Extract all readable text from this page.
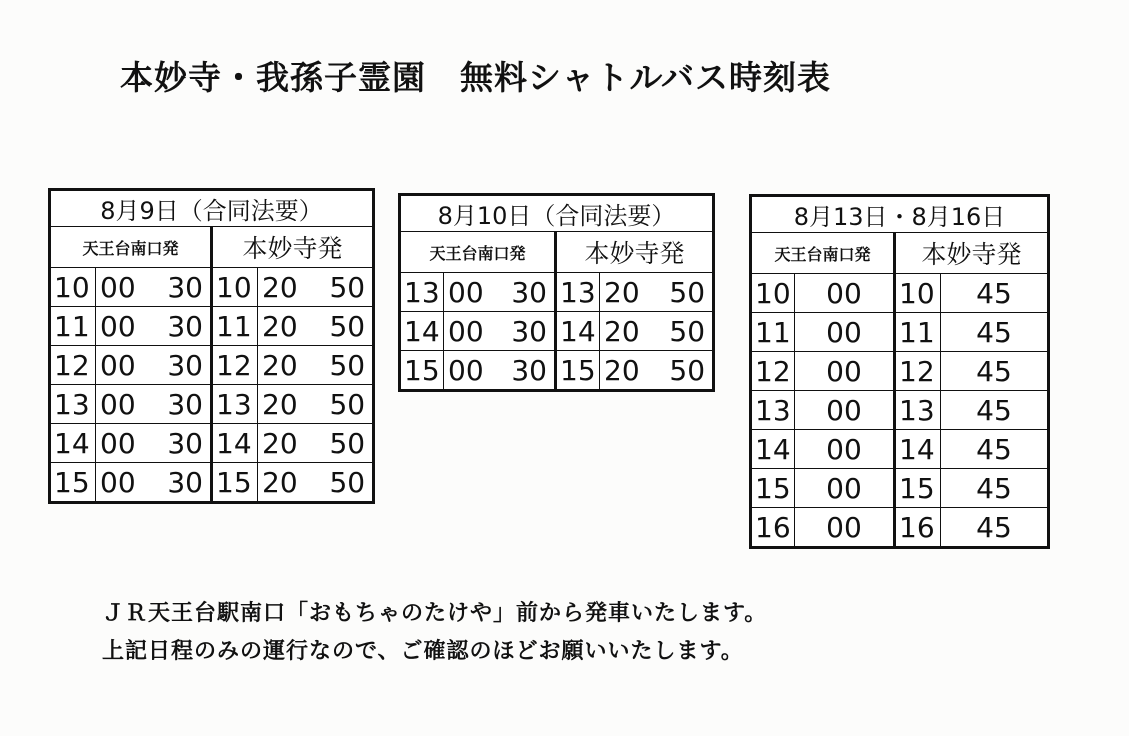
本妙寺・我孫子霊園　無料シャトルバス時刻表
8月9日（合同法要）					
天王台南口発			本妙寺発		
10	00	30	10	20	50
11	00	30	11	20	50
12	00	30	12	20	50
13	00	30	13	20	50
14	00	30	14	20	50
15	00	30	15	20	50
8月10日（合同法要）					
天王台南口発			本妙寺発		
13	00	30	13	20	50
14	00	30	14	20	50
15	00	30	15	20	50
8月13日・8月16日			
天王台南口発		本妙寺発	
10	00	10	45
11	00	11	45
12	00	12	45
13	00	13	45
14	00	14	45
15	00	15	45
16	00	16	45
ＪＲ天王台駅南口「おもちゃのたけや」前から発車いたします。
上記日程のみの運行なので、ご確認のほどお願いいたします。
